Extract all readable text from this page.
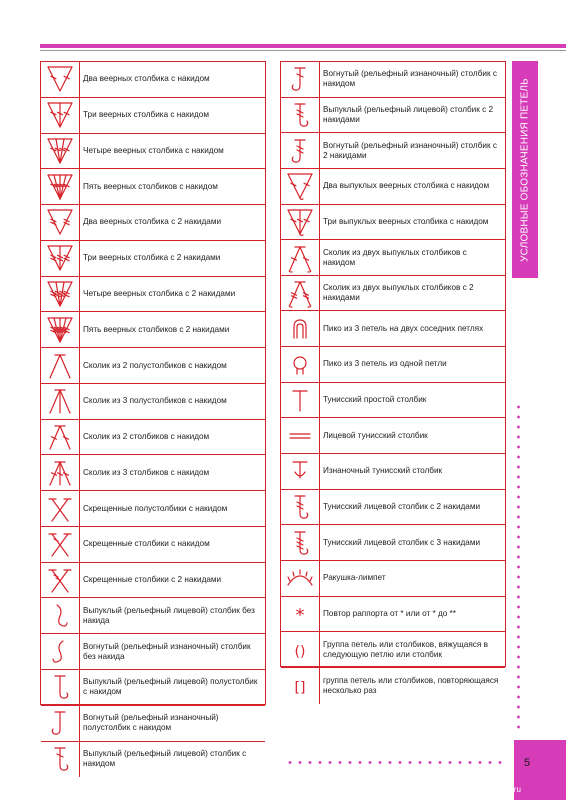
Два веерных столбика с накидом
Три веерных столбика с накидом
Четыре веерных столбика с накидом
Пять веерных столбиков с накидом
Два веерных столбика с 2 накидами
Три веерных столбика с 2 накидами
Четыре веерных столбика с 2 накидами
Пять веерных столбиков с 2 накидами
Сколик из 2 полустолбиков с накидом
Сколик из 3 полустолбиков с накидом
Сколик из 2 столбиков с накидом
Сколик из 3 столбиков с накидом
Скрещенные полустолбики с накидом
Скрещенные столбики с накидом
Скрещенные столбики с 2 накидами
Выпуклый (рельефный лицевой) столбик без накида
Вогнутый (рельефный изнаночный) столбик без накида
Выпуклый (рельефный лицевой) полустолбик с накидом
Вогнутый (рельефный изнаночный) полустолбик с накидом
Выпуклый (рельефный лицевой) столбик с накидом
Вогнутый (рельефный изнаночный) столбик с накидом
Выпуклый (рельефный лицевой) столбик с 2 накидами
Вогнутый (рельефный изнаночный) столбик с 2 накидами
Два выпуклых веерных столбика с накидом
Три выпуклых веерных столбика с накидом
Сколик из двух выпуклых столбиков с накидом
Сколик из двух выпуклых столбиков с 2 накидами
Пико из 3 петель на двух соседних петлях
Пико из 3 петель из одной петли
Тунисский простой столбик
Лицевой тунисский столбик
Изнаночный тунисский столбик
Тунисский лицевой столбик с 2 накидами
Тунисский лицевой столбик с 3 накидами
Ракушка-лимпет
*	Повтор раппорта от * или от * до **
()	Группа петель или столбиков, вяжущаяся в следующую петлю или столбик
[]	группа петель или столбиков, повторяющаяся несколько раз
УСЛОВНЫЕ ОБОЗНАЧЕНИЯ ПЕТЕЛЬ
5
PassionForum.ru
